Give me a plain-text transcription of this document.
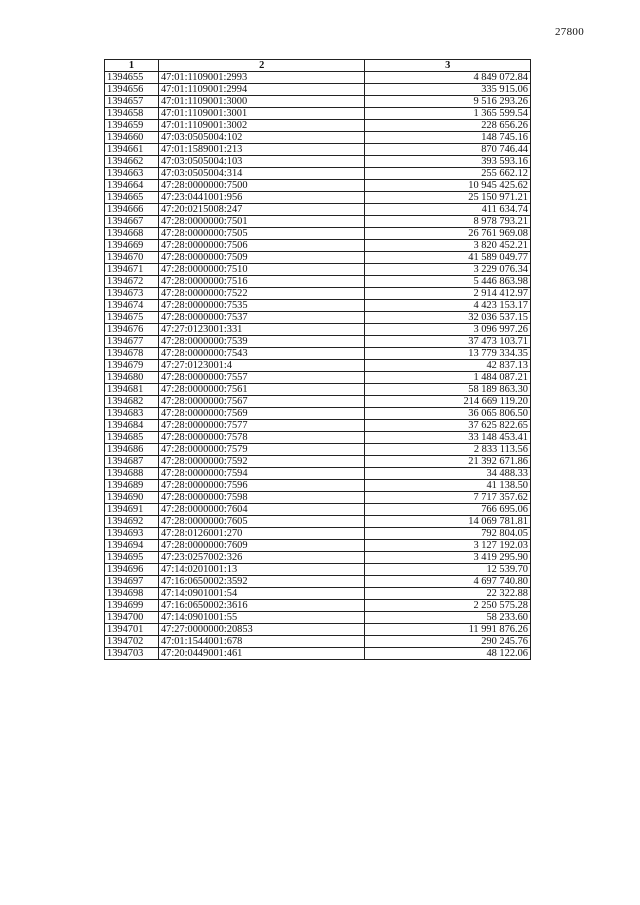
27800
1	2	3
1394655	47:01:1109001:2993	4 849 072.84
1394656	47:01:1109001:2994	335 915.06
1394657	47:01:1109001:3000	9 516 293.26
1394658	47:01:1109001:3001	1 365 599.54
1394659	47:01:1109001:3002	228 656.26
1394660	47:03:0505004:102	148 745.16
1394661	47:01:1589001:213	870 746.44
1394662	47:03:0505004:103	393 593.16
1394663	47:03:0505004:314	255 662.12
1394664	47:28:0000000:7500	10 945 425.62
1394665	47:23:0441001:956	25 150 971.21
1394666	47:20:0215008:247	411 634.74
1394667	47:28:0000000:7501	8 978 793.21
1394668	47:28:0000000:7505	26 761 969.08
1394669	47:28:0000000:7506	3 820 452.21
1394670	47:28:0000000:7509	41 589 049.77
1394671	47:28:0000000:7510	3 229 076.34
1394672	47:28:0000000:7516	5 446 863.98
1394673	47:28:0000000:7522	2 914 412.97
1394674	47:28:0000000:7535	4 423 153.17
1394675	47:28:0000000:7537	32 036 537.15
1394676	47:27:0123001:331	3 096 997.26
1394677	47:28:0000000:7539	37 473 103.71
1394678	47:28:0000000:7543	13 779 334.35
1394679	47:27:0123001:4	42 837.13
1394680	47:28:0000000:7557	1 484 087.21
1394681	47:28:0000000:7561	58 189 863.30
1394682	47:28:0000000:7567	214 669 119.20
1394683	47:28:0000000:7569	36 065 806.50
1394684	47:28:0000000:7577	37 625 822.65
1394685	47:28:0000000:7578	33 148 453.41
1394686	47:28:0000000:7579	2 833 113.56
1394687	47:28:0000000:7592	21 392 671.86
1394688	47:28:0000000:7594	34 488.33
1394689	47:28:0000000:7596	41 138.50
1394690	47:28:0000000:7598	7 717 357.62
1394691	47:28:0000000:7604	766 695.06
1394692	47:28:0000000:7605	14 069 781.81
1394693	47:28:0126001:270	792 804.05
1394694	47:28:0000000:7609	3 127 192.03
1394695	47:23:0257002:326	3 419 295.90
1394696	47:14:0201001:13	12 539.70
1394697	47:16:0650002:3592	4 697 740.80
1394698	47:14:0901001:54	22 322.88
1394699	47:16:0650002:3616	2 250 575.28
1394700	47:14:0901001:55	58 233.60
1394701	47:27:0000000:20853	11 991 876.26
1394702	47:01:1544001:678	290 245.76
1394703	47:20:0449001:461	48 122.06
